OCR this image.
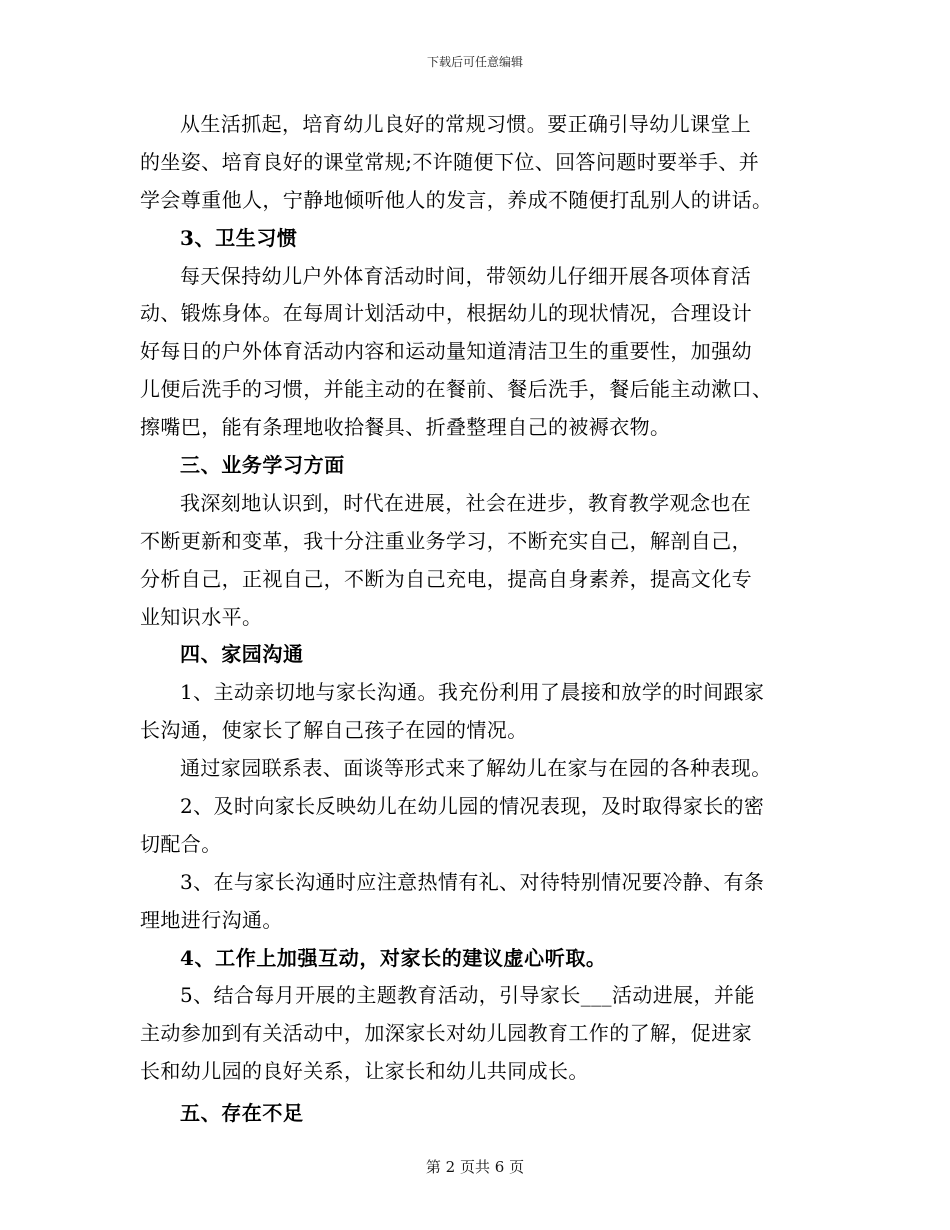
下载后可任意编辑
从生活抓起，培育幼儿良好的常规习惯。要正确引导幼儿课堂上
的坐姿、培育良好的课堂常规;不许随便下位、回答问题时要举手、并
学会尊重他人，宁静地倾听他人的发言，养成不随便打乱别人的讲话。
3、卫生习惯
每天保持幼儿户外体育活动时间，带领幼儿仔细开展各项体育活
动、锻炼身体。在每周计划活动中，根据幼儿的现状情况，合理设计
好每日的户外体育活动内容和运动量知道清洁卫生的重要性，加强幼
儿便后洗手的习惯，并能主动的在餐前、餐后洗手，餐后能主动漱口、
擦嘴巴，能有条理地收拾餐具、折叠整理自己的被褥衣物。
三、业务学习方面
我深刻地认识到，时代在进展，社会在进步，教育教学观念也在
不断更新和变革，我十分注重业务学习，不断充实自己，解剖自己，
分析自己，正视自己，不断为自己充电，提高自身素养，提高文化专
业知识水平。
四、家园沟通
1、主动亲切地与家长沟通。我充份利用了晨接和放学的时间跟家
长沟通，使家长了解自己孩子在园的情况。
通过家园联系表、面谈等形式来了解幼儿在家与在园的各种表现。
2、及时向家长反映幼儿在幼儿园的情况表现，及时取得家长的密
切配合。
3、在与家长沟通时应注意热情有礼、对待特别情况要冷静、有条
理地进行沟通。
4、工作上加强互动，对家长的建议虚心听取。
5、结合每月开展的主题教育活动，引导家长___活动进展，并能
主动参加到有关活动中，加深家长对幼儿园教育工作的了解，促进家
长和幼儿园的良好关系，让家长和幼儿共同成长。
五、存在不足
第 2 页共 6 页
